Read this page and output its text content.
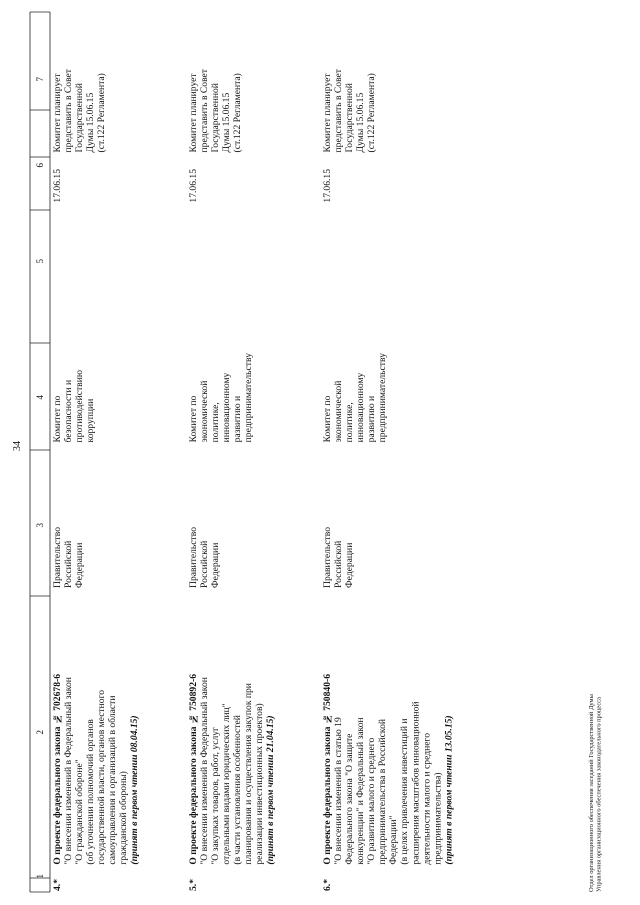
34
1
2
3
4
5
6
7
4.*
О проекте федерального закона № 702678-6 "О внесении изменений в Федеральный закон "О гражданской обороне" (об уточнении полномочий органов государственной власти, органов местного самоуправления и организаций в области гражданской обороны) (принят в первом чтении 08.04.15)
Правительство Российской Федерации
Комитет по безопасности и противодействию коррупции
17.06.15
Комитет планирует представить в Совет Государственной Думы 15.06.15 (ст.122 Регламента)
5.*
О проекте федерального закона № 750892-6 "О внесении изменений в Федеральный закон "О закупках товаров, работ, услуг отдельными видами юридических лиц" (в части установления особенностей планирования и осуществления закупок при реализации инвестиционных проектов) (принят в первом чтении 21.04.15)
Правительство Российской Федерации
Комитет по экономической политике, инновационному развитию и предпринимательству
17.06.15
Комитет планирует представить в Совет Государственной Думы 15.06.15 (ст.122 Регламента)
6.*
О проекте федерального закона № 750840-6 "О внесении изменений в статью 19 Федерального закона "О защите конкуренции" и Федеральный закон "О развитии малого и среднего предпринимательства в Российской Федерации" (в целях привлечения инвестиций и расширения масштабов инновационной деятельности малого и среднего предпринимательства) (принят в первом чтении 13.05.15)
Правительство Российской Федерации
Комитет по экономической политике, инновационному развитию и предпринимательству
17.06.15
Комитет планирует представить в Совет Государственной Думы 15.06.15 (ст.122 Регламента)
Отдел организационного обеспечения заседаний Государственной Думы Управления организационного обеспечения законодательного процесса
